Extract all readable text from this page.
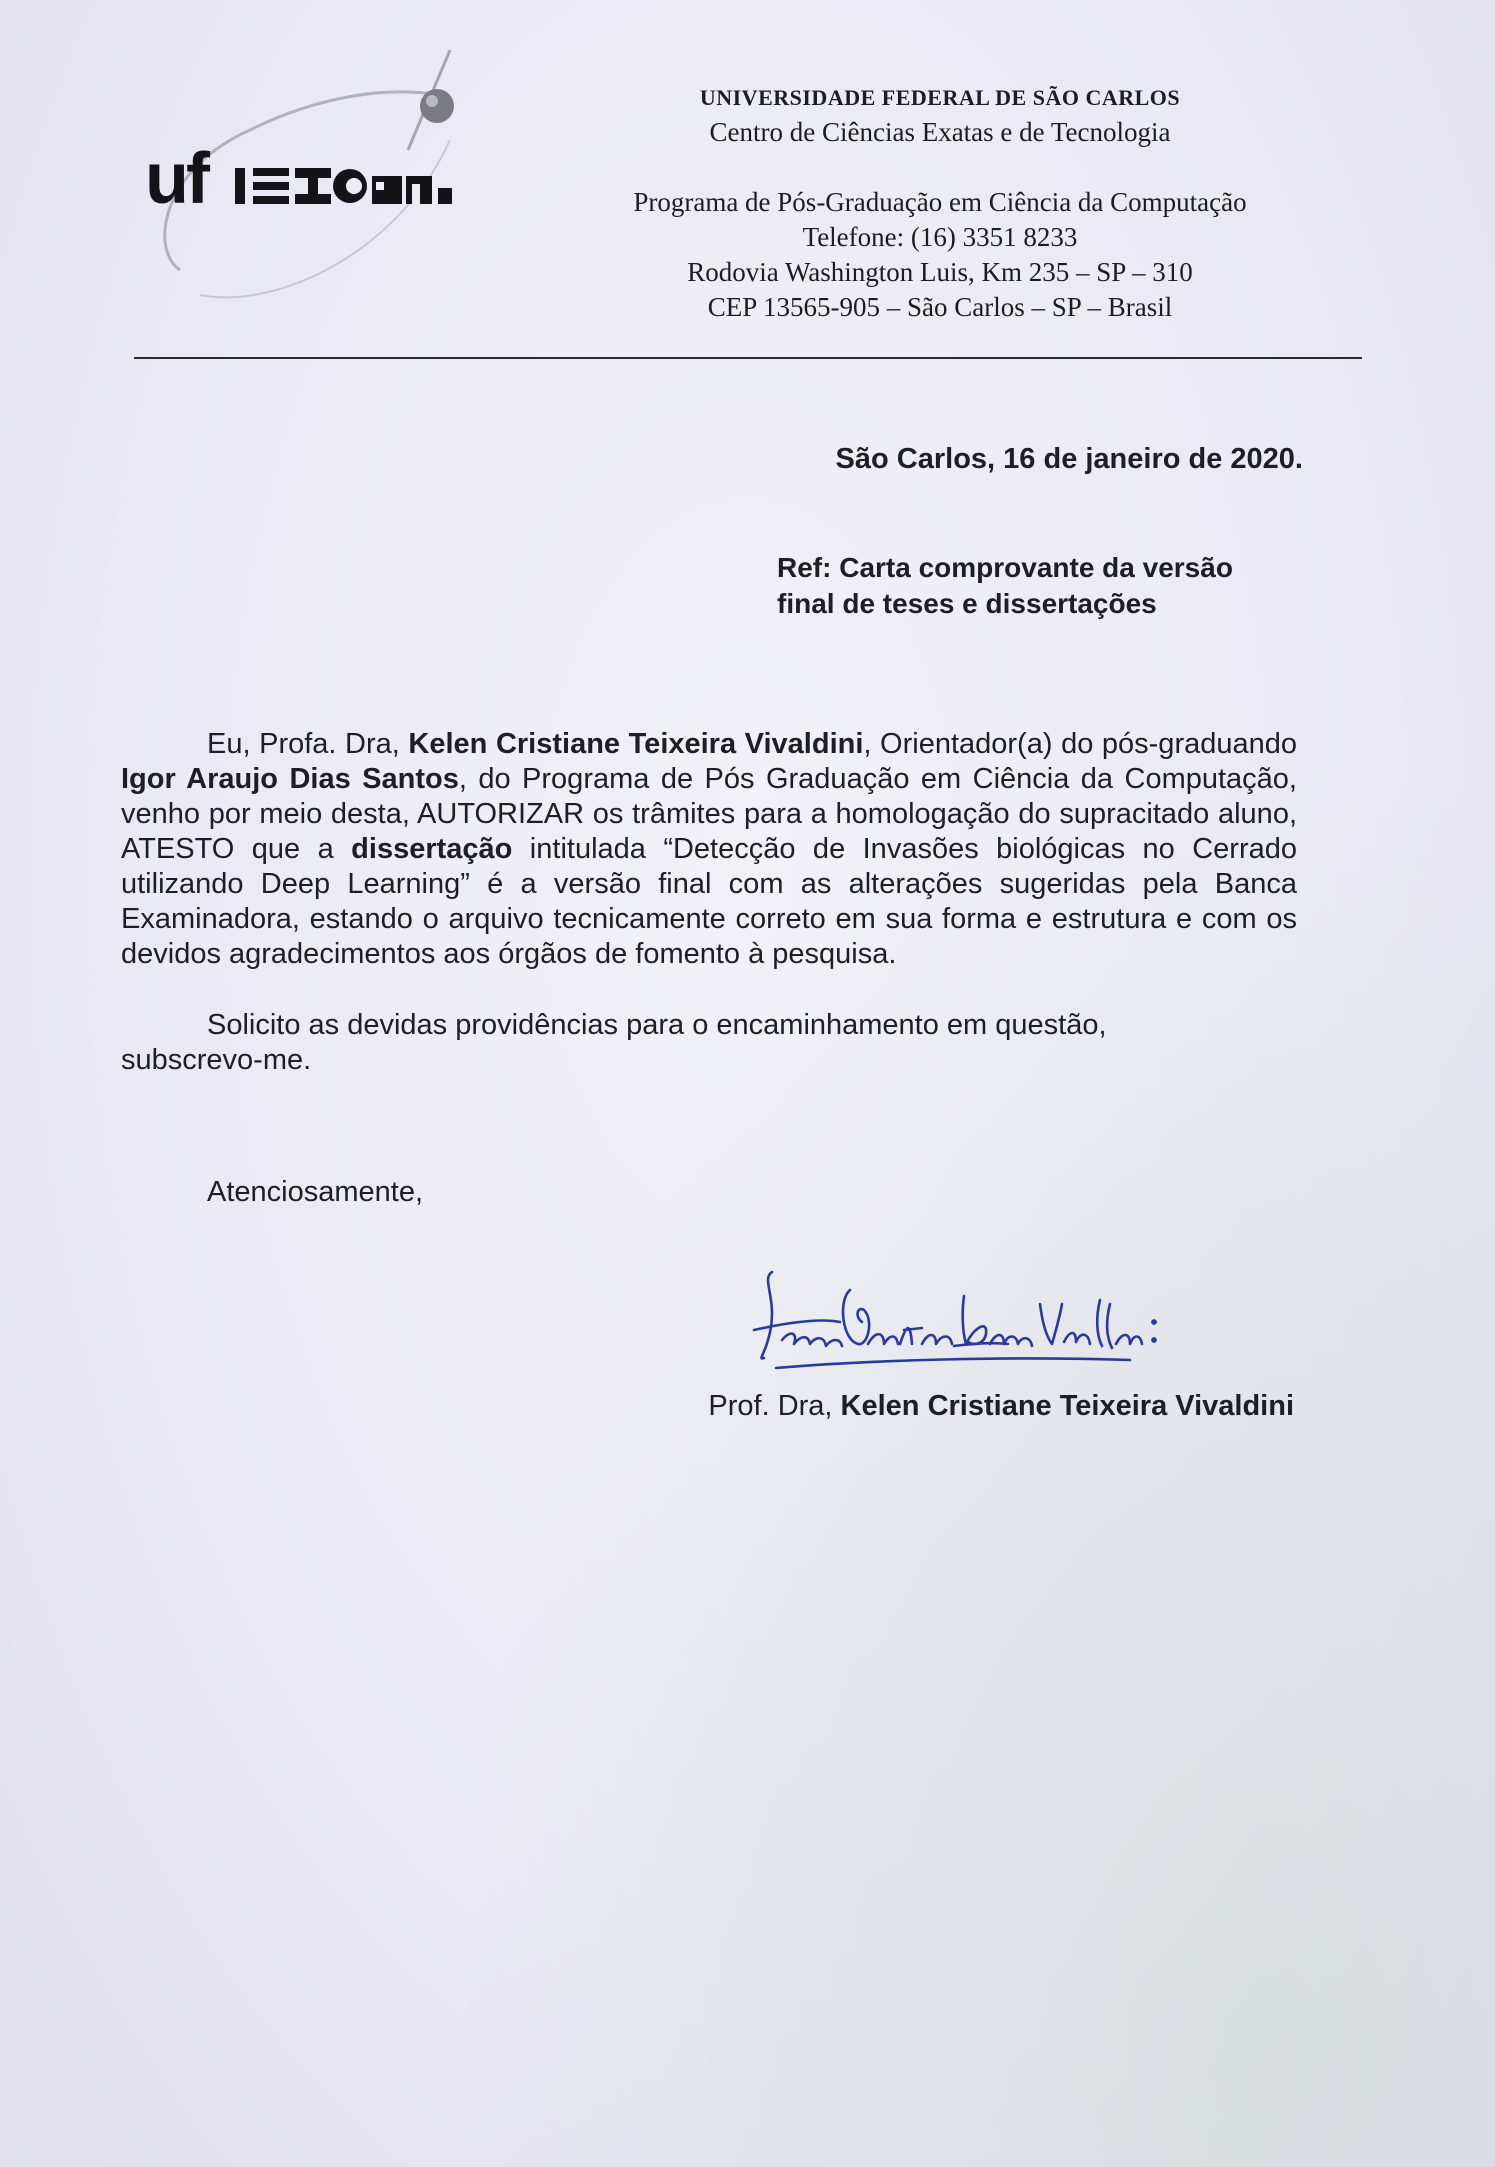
uf
UNIVERSIDADE FEDERAL DE SÃO CARLOS
Centro de Ciências Exatas e de Tecnologia
Programa de Pós-Graduação em Ciência da Computação
Telefone: (16) 3351 8233
Rodovia Washington Luis, Km 235 – SP – 310
CEP 13565-905 – São Carlos – SP – Brasil
São Carlos, 16 de janeiro de 2020.
Ref: Carta comprovante da versão
final de teses e dissertações
Eu, Profa. Dra, Kelen Cristiane Teixeira Vivaldini, Orientador(a) do pós-graduando Igor Araujo Dias Santos, do Programa de Pós Graduação em Ciência da Computação, venho por meio desta, AUTORIZAR os trâmites para a homologação do supracitado aluno, ATESTO que a dissertação intitulada “Detecção de Invasões biológicas no Cerrado utilizando Deep Learning” é a versão final com as alterações sugeridas pela Banca Examinadora, estando o arquivo tecnicamente correto em sua forma e estrutura e com os devidos agradecimentos aos órgãos de fomento à pesquisa.
Solicito as devidas providências para o encaminhamento em questão,
subscrevo-me.
Atenciosamente,
Prof. Dra, Kelen Cristiane Teixeira Vivaldini
